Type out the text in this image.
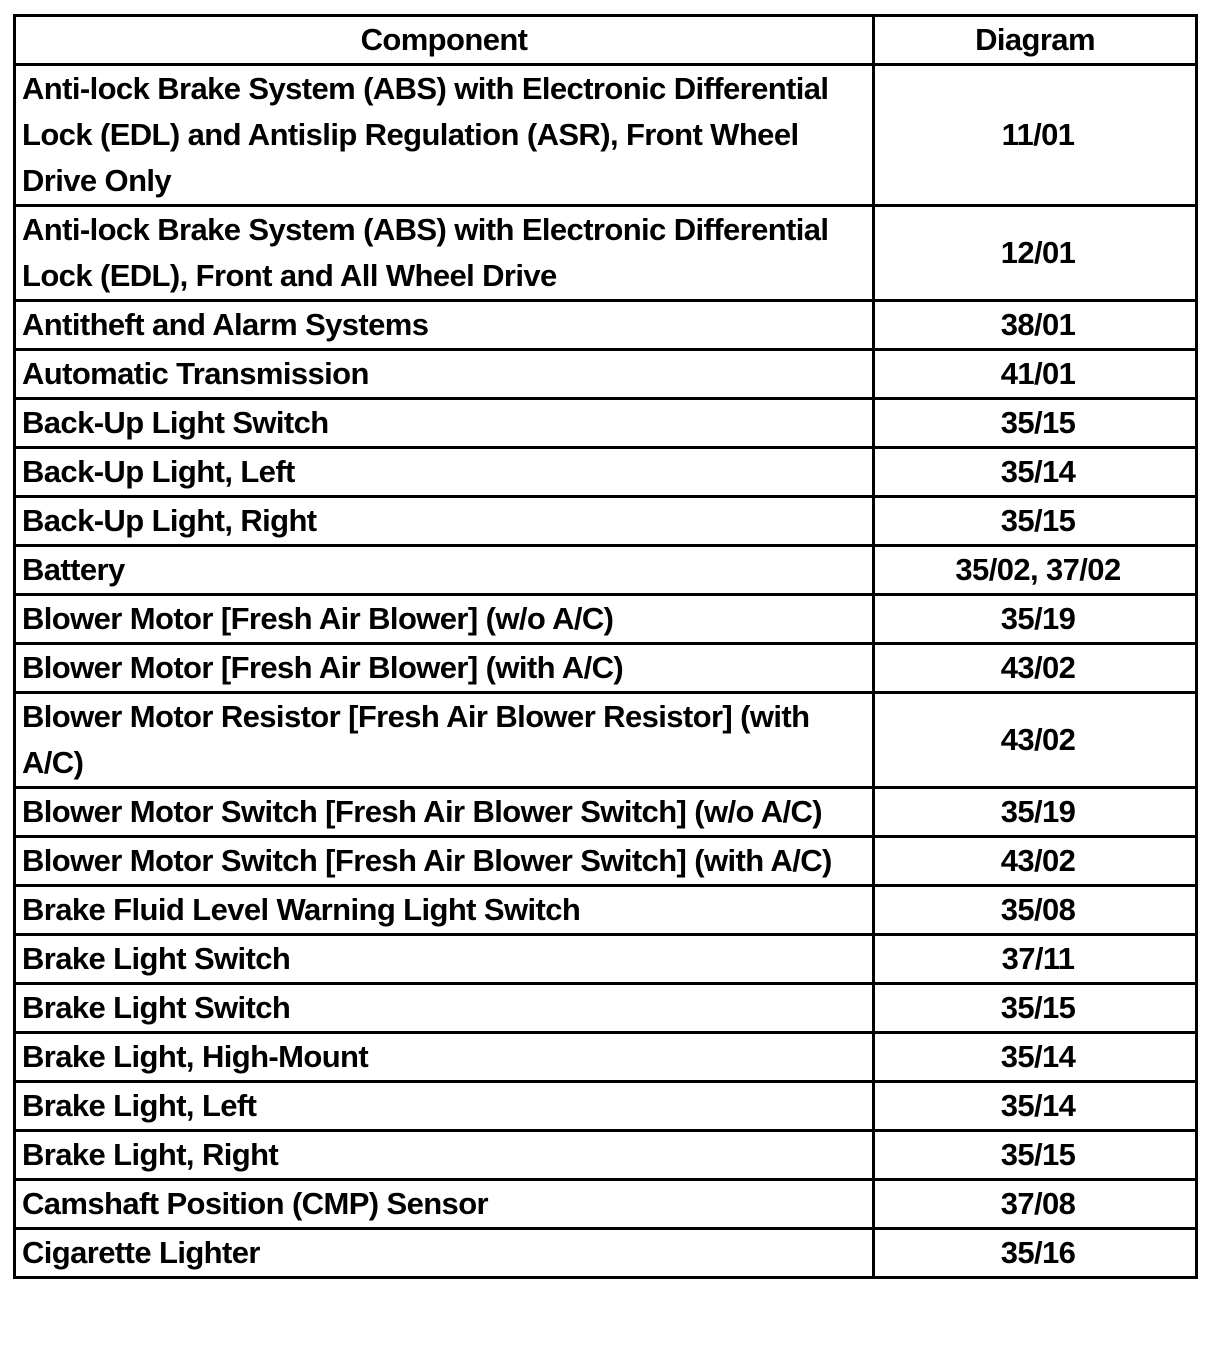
Component	Diagram
Anti-lock Brake System (ABS) with Electronic Differential Lock (EDL) and Antislip Regulation (ASR), Front Wheel Drive Only	11/01
Anti-lock Brake System (ABS) with Electronic Differential Lock (EDL), Front and All Wheel Drive	12/01
Antitheft and Alarm Systems	38/01
Automatic Transmission	41/01
Back-Up Light Switch	35/15
Back-Up Light, Left	35/14
Back-Up Light, Right	35/15
Battery	35/02, 37/02
Blower Motor [Fresh Air Blower] (w/o A/C)	35/19
Blower Motor [Fresh Air Blower] (with A/C)	43/02
Blower Motor Resistor [Fresh Air Blower Resistor] (with A/C)	43/02
Blower Motor Switch [Fresh Air Blower Switch] (w/o A/C)	35/19
Blower Motor Switch [Fresh Air Blower Switch] (with A/C)	43/02
Brake Fluid Level Warning Light Switch	35/08
Brake Light Switch	37/11
Brake Light Switch	35/15
Brake Light, High-Mount	35/14
Brake Light, Left	35/14
Brake Light, Right	35/15
Camshaft Position (CMP) Sensor	37/08
Cigarette Lighter	35/16
